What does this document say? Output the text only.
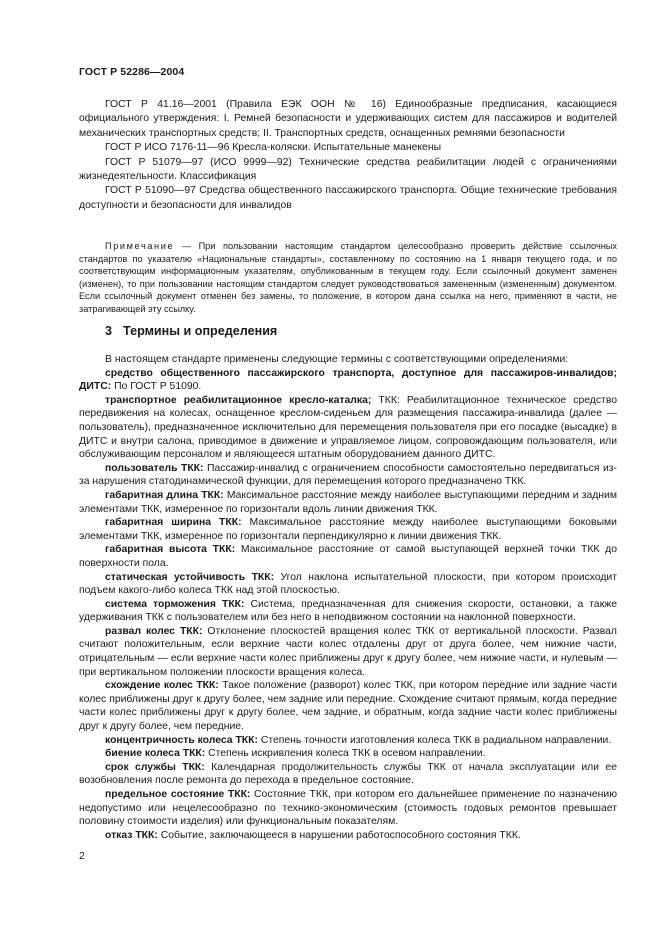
ГОСТ Р 52286—2004

ГОСТ Р 41.16—2001 (Правила ЕЭК ООН № 16) Единообразные предписания, касающиеся официального утверждения: I. Ремней безопасности и удерживающих систем для пассажиров и водителей механических транспортных средств; II. Транспортных средств, оснащенных ремнями безопасности

ГОСТ Р ИСО 7176-11—96 Кресла-коляски. Испытательные манекены

ГОСТ Р 51079—97 (ИСО 9999—92) Технические средства реабилитации людей с ограничениями жизнедеятельности. Классификация

ГОСТ Р 51090—97 Средства общественного пассажирского транспорта. Общие технические требования доступности и безопасности для инвалидов

Примечание — При пользовании настоящим стандартом целесообразно проверить действие ссылочных стандартов по указателю «Национальные стандарты», составленному по состоянию на 1 января текущего года, и по соответствующим информационным указателям, опубликованным в текущем году. Если ссылочный документ заменен (изменен), то при пользовании настоящим стандартом следует руководствоваться замененным (измененным) документом. Если ссылочный документ отменен без замены, то положение, в котором дана ссылка на него, применяют в части, не затрагивающей эту ссылку.

3 Термины и определения

В настоящем стандарте применены следующие термины с соответствующими определениями:

средство общественного пассажирского транспорта, доступное для пассажиров-инвалидов; ДИТС: По ГОСТ Р 51090.

транспортное реабилитационное кресло-каталка; ТКК: Реабилитационное техническое средство передвижения на колесах, оснащенное креслом-сиденьем для размещения пассажира-инвалида (далее — пользователь), предназначенное исключительно для перемещения пользователя при его посадке (высадке) в ДИТС и внутри салона, приводимое в движение и управляемое лицом, сопровождающим пользователя, или обслуживающим персоналом и являющееся штатным оборудованием данного ДИТС.

пользователь ТКК: Пассажир-инвалид с ограничением способности самостоятельно передвигаться из-за нарушения статодинамической функции, для перемещения которого предназначено ТКК.

габаритная длина ТКК: Максимальное расстояние между наиболее выступающими передним и задним элементами ТКК, измеренное по горизонтали вдоль линии движения ТКК.

габаритная ширина ТКК: Максимальное расстояние между наиболее выступающими боковыми элементами ТКК, измеренное по горизонтали перпендикулярно к линии движения ТКК.

габаритная высота ТКК: Максимальное расстояние от самой выступающей верхней точки ТКК до поверхности пола.

статическая устойчивость ТКК: Угол наклона испытательной плоскости, при котором происходит подъем какого-либо колеса ТКК над этой плоскостью.

система торможения ТКК: Система, предназначенная для снижения скорости, остановки, а также удерживания ТКК с пользователем или без него в неподвижном состоянии на наклонной поверхности.

развал колес ТКК: Отклонение плоскостей вращения колес ТКК от вертикальной плоскости. Развал считают положительным, если верхние части колес отдалены друг от друга более, чем нижние части, отрицательным — если верхние части колес приближены друг к другу более, чем нижние части, и нулевым — при вертикальном положении плоскости вращения колеса.

схождение колес ТКК: Такое положение (разворот) колес ТКК, при котором передние или задние части колес приближены друг к другу более, чем задние или передние. Схождение считают прямым, когда передние части колес приближены друг к другу более, чем задние, и обратным, когда задние части колес приближены друг к другу более, чем передние.

концентричность колеса ТКК: Степень точности изготовления колеса ТКК в радиальном направлении.

биение колеса ТКК: Степень искривления колеса ТКК в осевом направлении.

срок службы ТКК: Календарная продолжительность службы ТКК от начала эксплуатации или ее возобновления после ремонта до перехода в предельное состояние.

предельное состояние ТКК: Состояние ТКК, при котором его дальнейшее применение по назначению недопустимо или нецелесообразно по технико-экономическим (стоимость годовых ремонтов превышает половину стоимости изделия) или функциональным показателям.

отказ ТКК: Событие, заключающееся в нарушении работоспособного состояния ТКК.

2
